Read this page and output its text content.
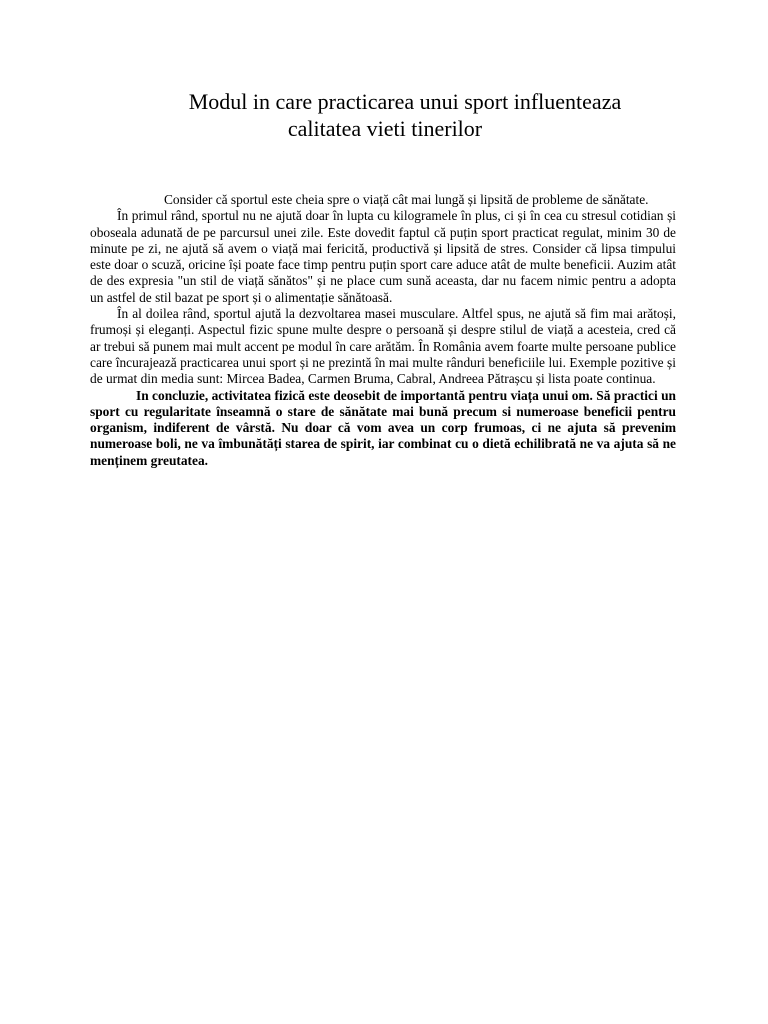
Modul in care practicarea unui sport influenteaza
calitatea vieti tinerilor

Consider că sportul este cheia spre o viață cât mai lungă și lipsită de probleme de sănătate.

În primul rând, sportul nu ne ajută doar în lupta cu kilogramele în plus, ci și în cea cu stresul cotidian și oboseala adunată de pe parcursul unei zile. Este dovedit faptul că puțin sport practicat regulat, minim 30 de minute pe zi, ne ajută să avem o viață mai fericită, productivă și lipsită de stres. Consider că lipsa timpului este doar o scuză, oricine își poate face timp pentru puțin sport care aduce atât de multe beneficii. Auzim atât de des expresia "un stil de viață sănătos" și ne place cum sună aceasta, dar nu facem nimic pentru a adopta un astfel de stil bazat pe sport și o alimentație sănătoasă.

În al doilea rând, sportul ajută la dezvoltarea masei musculare. Altfel spus, ne ajută să fim mai arătoși, frumoși și eleganți. Aspectul fizic spune multe despre o persoană și despre stilul de viață a acesteia, cred că ar trebui să punem mai mult accent pe modul în care arătăm. În România avem foarte multe persoane publice care încurajează practicarea unui sport și ne prezintă în mai multe rânduri beneficiile lui. Exemple pozitive și de urmat din media sunt: Mircea Badea, Carmen Bruma, Cabral, Andreea Pătrașcu și lista poate continua.

In concluzie, activitatea fizică este deosebit de importantă pentru viața unui om. Să practici un sport cu regularitate înseamnă o stare de sănătate mai bună precum si numeroase beneficii pentru organism, indiferent de vârstă. Nu doar că vom avea un corp frumoas, ci ne ajuta să prevenim numeroase boli, ne va îmbunătăți starea de spirit, iar combinat cu o dietă echilibrată ne va ajuta să ne menținem greutatea.
